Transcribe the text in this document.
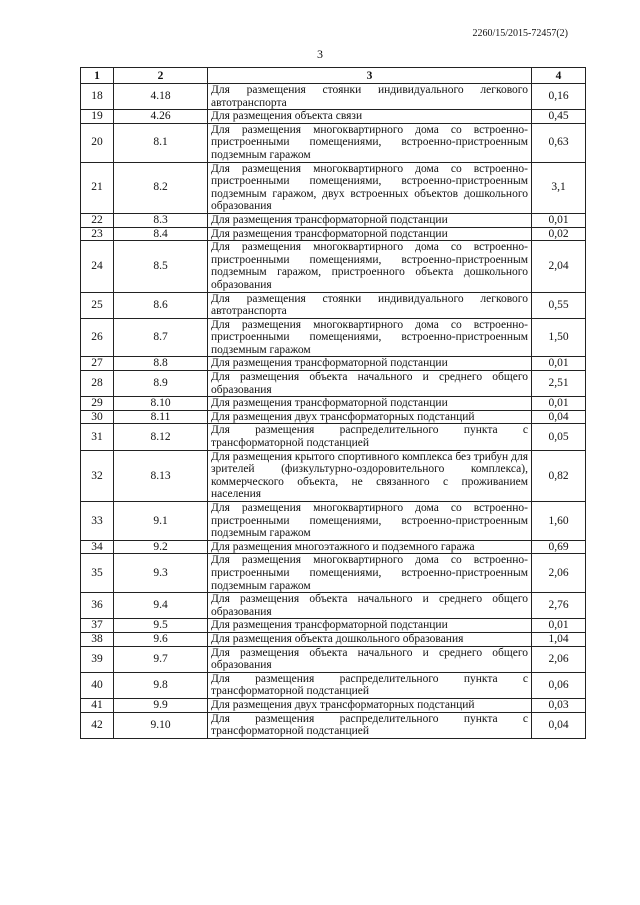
2260/15/2015-72457(2)
3
1	2	3	4
18	4.18	Для размещения стоянки индивидуального легкового автотранспорта	0,16
19	4.26	Для размещения объекта связи	0,45
20	8.1	Для размещения многоквартирного дома со встроенно-пристроенными помещениями, встроенно-пристроенным подземным гаражом	0,63
21	8.2	Для размещения многоквартирного дома со встроенно-пристроенными помещениями, встроенно-пристроенным подземным гаражом, двух встроенных объектов дошкольного образования	3,1
22	8.3	Для размещения трансформаторной подстанции	0,01
23	8.4	Для размещения трансформаторной подстанции	0,02
24	8.5	Для размещения многоквартирного дома со встроенно-пристроенными помещениями, встроенно-пристроенным подземным гаражом, пристроенного объекта дошкольного образования	2,04
25	8.6	Для размещения стоянки индивидуального легкового автотранспорта	0,55
26	8.7	Для размещения многоквартирного дома со встроенно-пристроенными помещениями, встроенно-пристроенным подземным гаражом	1,50
27	8.8	Для размещения трансформаторной подстанции	0,01
28	8.9	Для размещения объекта начального и среднего общего образования	2,51
29	8.10	Для размещения трансформаторной подстанции	0,01
30	8.11	Для размещения двух трансформаторных подстанций	0,04
31	8.12	Для размещения распределительного пункта с трансформаторной подстанцией	0,05
32	8.13	Для размещения крытого спортивного комплекса без трибун для зрителей (физкультурно-оздоровительного комплекса), коммерческого объекта, не связанного с проживанием населения	0,82
33	9.1	Для размещения многоквартирного дома со встроенно-пристроенными помещениями, встроенно-пристроенным подземным гаражом	1,60
34	9.2	Для размещения многоэтажного и подземного гаража	0,69
35	9.3	Для размещения многоквартирного дома со встроенно-пристроенными помещениями, встроенно-пристроенным подземным гаражом	2,06
36	9.4	Для размещения объекта начального и среднего общего образования	2,76
37	9.5	Для размещения трансформаторной подстанции	0,01
38	9.6	Для размещения объекта дошкольного образования	1,04
39	9.7	Для размещения объекта начального и среднего общего образования	2,06
40	9.8	Для размещения распределительного пункта с трансформаторной подстанцией	0,06
41	9.9	Для размещения двух трансформаторных подстанций	0,03
42	9.10	Для размещения распределительного пункта с трансформаторной подстанцией	0,04
